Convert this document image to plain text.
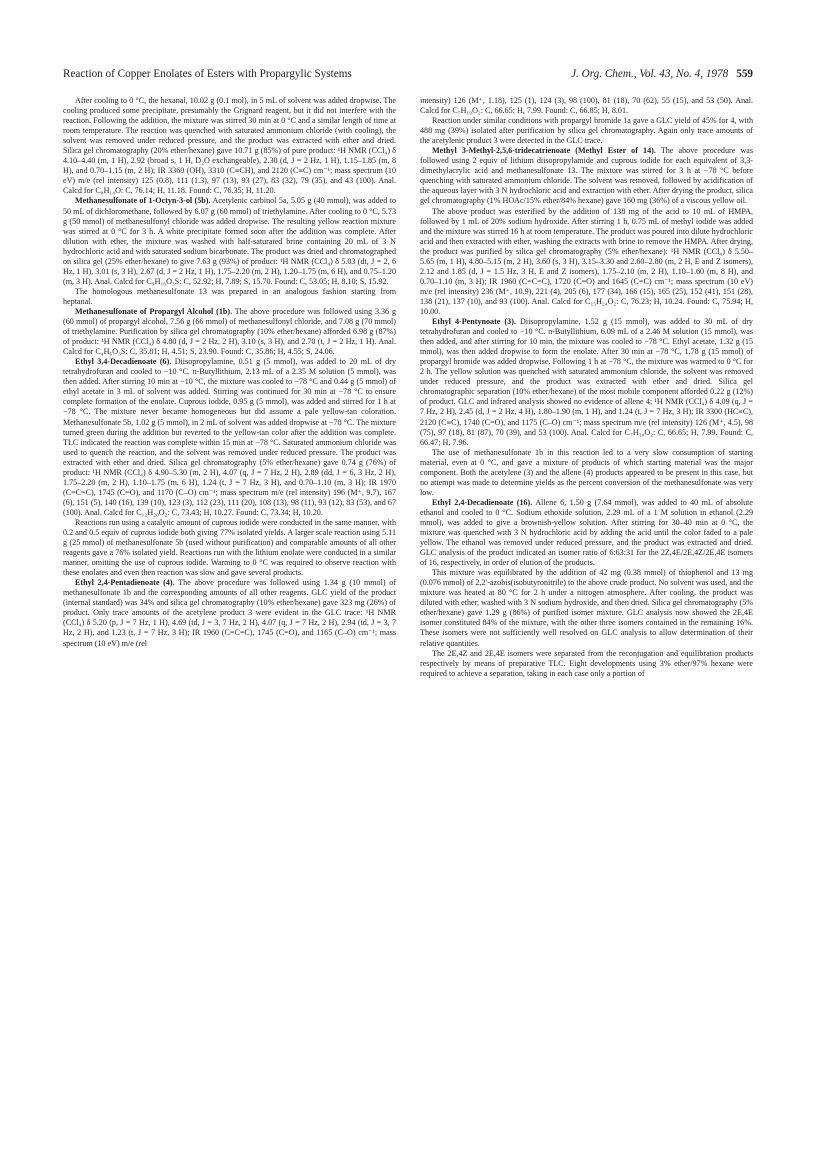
Reaction of Copper Enolates of Esters with Propargylic Systems	J. Org. Chem., Vol. 43, No. 4, 1978 559

After cooling to 0 °C, the hexanal, 10.02 g (0.1 mol), in 5 mL of solvent was added dropwise. The cooling produced some precipitate, presumably the Grignard reagent, but it did not interfere with the reaction. Following the addition, the mixture was stirred 30 min at 0 °C and a similar length of time at room temperature. The reaction was quenched with saturated ammonium chloride (with cooling), the solvent was removed under reduced pressure, and the product was extracted with ether and dried. Silica gel chromatography (20% ether/hexane) gave 10.71 g (85%) of pure product: ¹H NMR (CCl₄) δ 4.10–4.40 (m, 1 H), 2.92 (broad s, 1 H, D₂O exchangeable), 2.30 (d, J = 2 Hz, 1 H), 1.15–1.85 (m, 8 H), and 0.70–1.15 (m, 2 H); IR 3360 (OH), 3310 (C≡CH), and 2120 (C≡C) cm⁻¹; mass spectrum (10 eV) m/e (rel intensity) 125 (0.8), 111 (1.3), 97 (13), 93 (27), 83 (32), 79 (35), and 43 (100). Anal. Calcd for C₈H₁₄O: C, 76.14; H, 11.18. Found: C, 76.35; H, 11.20.

Methanesulfonate of 1-Octyn-3-ol (5b). Acetylenic carbinol 5a, 5.05 g (40 mmol), was added to 50 mL of dichloromethane, followed by 6.07 g (60 mmol) of triethylamine. After cooling to 0 °C, 5.73 g (50 mmol) of methanesulfonyl chloride was added dropwise. The resulting yellow reaction mixture was stirred at 0 °C for 3 h. A white precipitate formed soon after the addition was complete. After dilution with ether, the mixture was washed with half-saturated brine containing 20 mL of 3 N hydrochloric acid and with saturated sodium bicarbonate. The product was dried and chromatographed on silica gel (25% ether/hexane) to give 7.63 g (93%) of product: ¹H NMR (CCl₄) δ 5.03 (dt, J = 2, 6 Hz, 1 H), 3.01 (s, 3 H), 2.67 (d, J = 2 Hz, 1 H), 1.75–2.20 (m, 2 H), 1.20–1.75 (m, 6 H), and 0.75–1.20 (m, 3 H). Anal. Calcd for C₉H₁₆O₃S: C, 52.92; H, 7.89; S, 15.70. Found: C, 53.05; H, 8.10; S, 15.92.

The homologous methanesulfonate 13 was prepared in an analogous fashion starting from heptanal.

Methanesulfonate of Propargyl Alcohol (1b). The above procedure was followed using 3.36 g (60 mmol) of propargyl alcohol, 7.56 g (66 mmol) of methanesulfonyl chloride, and 7.08 g (70 mmol) of triethylamine. Purification by silica gel chromatography (10% ether/hexane) afforded 6.98 g (87%) of product: ¹H NMR (CCl₄) δ 4.80 (d, J = 2 Hz, 2 H), 3.10 (s, 3 H), and 2.70 (t, J = 2 Hz, 1 H). Anal. Calcd for C₄H₆O₃S: C, 35.81; H, 4.51; S, 23.90. Found: C, 35.86; H, 4.55; S, 24.06.

Ethyl 3,4-Decadienoate (6). Diisopropylamine, 0.51 g (5 mmol), was added to 20 mL of dry tetrahydrofuran and cooled to −10 °C. n-Butyllithium, 2.13 mL of a 2.35 M solution (5 mmol), was then added. After stirring 10 min at −10 °C, the mixture was cooled to −78 °C and 0.44 g (5 mmol) of ethyl acetate in 3 mL of solvent was added. Stirring was continued for 30 min at −78 °C to ensure complete formation of the enolate. Cuprous iodide, 0.95 g (5 mmol), was added and stirred for 1 h at −78 °C. The mixture never became homogeneous but did assume a pale yellow-tan coloration. Methanesulfonate 5b, 1.02 g (5 mmol), in 2 mL of solvent was added dropwise at −78 °C. The mixture turned green during the addition but reverted to the yellow-tan color after the addition was complete. TLC indicated the reaction was complete within 15 min at −78 °C. Saturated ammonium chloride was used to quench the reaction, and the solvent was removed under reduced pressure. The product was extracted with ether and dried. Silica gel chromatography (5% ether/hexane) gave 0.74 g (76%) of product: ¹H NMR (CCl₄) δ 4.90–5.30 (m, 2 H), 4.07 (q, J = 7 Hz, 2 H), 2.89 (dd, J = 6, 3 Hz, 2 H), 1.75–2.20 (m, 2 H), 1.10–1.75 (m, 6 H), 1.24 (t, J = 7 Hz, 3 H), and 0.70–1.10 (m, 3 H); IR 1970 (C=C=C), 1745 (C=O), and 1170 (C–O) cm⁻¹; mass spectrum m/e (rel intensity) 196 (M⁺, 9.7), 167 (6), 151 (5), 140 (16), 139 (10), 123 (3), 112 (23), 111 (20), 108 (13), 98 (11), 93 (12), 83 (53), and 67 (100). Anal. Calcd for C₁₂H₂₀O₂: C, 73.43; H, 10.27. Found: C, 73.34; H, 10.20.

Reactions run using a catalytic amount of cuprous iodide were conducted in the same manner, with 0.2 and 0.5 equiv of cuprous iodide both giving 77% isolated yields. A larger scale reaction using 5.11 g (25 mmol) of methanesulfonate 5b (used without purification) and comparable amounts of all other reagents gave a 76% isolated yield. Reactions run with the lithium enolate were conducted in a similar manner, omitting the use of cuprous iodide. Warming to 0 °C was required to observe reaction with these enolates and even then reaction was slow and gave several products.

Ethyl 2,4-Pentadienoate (4). The above procedure was followed using 1.34 g (10 mmol) of methanesulfonate 1b and the corresponding amounts of all other reagents. GLC yield of the product (internal standard) was 34% and silica gel chromatography (10% ether/hexane) gave 323 mg (26%) of product. Only trace amounts of the acetylene product 3 were evident in the GLC trace: ¹H NMR (CCl₄) δ 5.20 (p, J = 7 Hz, 1 H), 4.69 (td, J = 3, 7 Hz, 2 H), 4.07 (q, J = 7 Hz, 2 H), 2.94 (td, J = 3, 7 Hz, 2 H), and 1.23 (t, J = 7 Hz, 3 H); IR 1960 (C=C=C), 1745 (C=O), and 1165 (C–O) cm⁻¹; mass spectrum (10 eV) m/e (rel

intensity) 126 (M⁺, 1.18), 125 (1), 124 (3), 98 (100), 81 (18), 70 (62), 55 (15), and 53 (50). Anal. Calcd for C₇H₁₀O₂: C, 66.65; H, 7.99. Found: C, 66.85; H, 8.01.

Reaction under similar conditions with propargyl bromide 1a gave a GLC yield of 45% for 4, with 488 mg (39%) isolated after purification by silica gel chromatography. Again only trace amounts of the acetylenic product 3 were detected in the GLC trace.

Methyl 3-Methyl-2,5,6-tridecatrienoate (Methyl Ester of 14). The above procedure was followed using 2 equiv of lithium diisopropylamide and cuprous iodide for each equivalent of 3,3-dimethylacrylic acid and methanesulfonate 13. The mixture was stirred for 3 h at −78 °C before quenching with saturated ammonium chloride. The solvent was removed, followed by acidification of the aqueous layer with 3 N hydrochloric acid and extraction with ether. After drying the product, silica gel chromatography (1% HOAc/15% ether/84% hexane) gave 160 mg (36%) of a viscous yellow oil.

The above product was esterified by the addition of 138 mg of the acid to 10 mL of HMPA, followed by 1 mL of 20% sodium hydroxide. After stirring 1 h, 0.75 mL of methyl iodide was added and the mixture was stirred 16 h at room temperature. The product was poured into dilute hydrochloric acid and then extracted with ether, washing the extracts with brine to remove the HMPA. After drying, the product was purified by silica gel chromatography (5% ether/hexane): ¹H NMR (CCl₄) δ 5.50–5.65 (m, 1 H), 4.80–5.15 (m, 2 H), 3.60 (s, 3 H), 3.15–3.30 and 2.60–2.80 (m, 2 H, E and Z isomers), 2.12 and 1.85 (d, J = 1.5 Hz, 3 H, E and Z isomers), 1.75–2.10 (m, 2 H), 1.10–1.60 (m, 8 H), and 0.70–1.10 (m, 3 H); IR 1960 (C=C=C), 1720 (C=O) and 1645 (C=C) cm⁻¹; mass spectrum (10 eV) m/e (rel intensity) 236 (M⁺, 10.9), 221 (4), 205 (6), 177 (34), 166 (15), 165 (25), 152 (41), 151 (28), 138 (21), 137 (10), and 93 (100). Anal. Calcd for C₁₅H₂₄O₂: C, 76.23; H, 10.24. Found: C, 75.94; H, 10.00.

Ethyl 4-Pentynoate (3). Diisopropylamine, 1.52 g (15 mmol), was added to 30 mL of dry tetrahydrofuran and cooled to −10 °C. n-Butyllithium, 6.09 mL of a 2.46 M solution (15 mmol), was then added, and after stirring for 10 min, the mixture was cooled to −78 °C. Ethyl acetate, 1.32 g (15 mmol), was then added dropwise to form the enolate. After 30 min at −78 °C, 1.78 g (15 mmol) of propargyl bromide was added dropwise. Following 1 h at −78 °C, the mixture was warmed to 0 °C for 2 h. The yellow solution was quenched with saturated ammonium chloride, the solvent was removed under reduced pressure, and the product was extracted with ether and dried. Silica gel chromatographic separation (10% ether/hexane) of the most mobile component afforded 0.22 g (12%) of product. GLC and infrared analysis showed no evidence of allene 4; ¹H NMR (CCl₄) δ 4.09 (q, J = 7 Hz, 2 H), 2.45 (d, J = 2 Hz, 4 H), 1.80–1.90 (m, 1 H), and 1.24 (t, J = 7 Hz, 3 H); IR 3300 (HC≡C), 2120 (C≡C), 1740 (C=O), and 1175 (C–O) cm⁻¹; mass spectrum m/e (rel intensity) 126 (M⁺, 4.5), 98 (75), 97 (18), 81 (87), 70 (39), and 53 (100). Anal. Calcd for C₇H₁₀O₂: C, 66.65; H, 7.99. Found: C, 66.47; H, 7.96.

The use of methanesulfonate 1b in this reaction led to a very slow consumption of starting material, even at 0 °C, and gave a mixture of products of which starting material was the major component. Both the acetylene (3) and the allene (4) products appeared to be present in this case, but no attempt was made to determine yields as the percent conversion of the methanesulfonate was very low.

Ethyl 2,4-Decadienoate (16). Allene 6, 1.50 g (7.64 mmol), was added to 40 mL of absolute ethanol and cooled to 0 °C. Sodium ethoxide solution, 2.29 mL of a 1 M solution in ethanol (2.29 mmol), was added to give a brownish-yellow solution. After stirring for 30–40 min at 0 °C, the mixture was quenched with 3 N hydrochloric acid by adding the acid until the color faded to a pale yellow. The ethanol was removed under reduced pressure, and the product was extracted and dried. GLC analysis of the product indicated an isomer ratio of 6:63:31 for the 2Z,4E/2E,4Z/2E,4E isomers of 16, respectively, in order of elution of the products.

This mixture was equilibrated by the addition of 42 mg (0.38 mmol) of thiophenol and 13 mg (0.076 mmol) of 2,2′-azobis(isobutyronitrile) to the above crude product. No solvent was used, and the mixture was heated at 80 °C for 2 h under a nitrogen atmosphere. After cooling, the product was diluted with ether, washed with 3 N sodium hydroxide, and then dried. Silica gel chromatography (5% ether/hexane) gave 1.29 g (86%) of purified isomer mixture. GLC analysis now showed the 2E,4E isomer constituted 84% of the mixture, with the other three isomers contained in the remaining 16%. These isomers were not sufficiently well resolved on GLC analysis to allow determination of their relative quantities.

The 2E,4Z and 2E,4E isomers were separated from the reconjugation and equilibration products respectively by means of preparative TLC. Eight developments using 3% ether/97% hexane were required to achieve a separation, taking in each case only a portion of
